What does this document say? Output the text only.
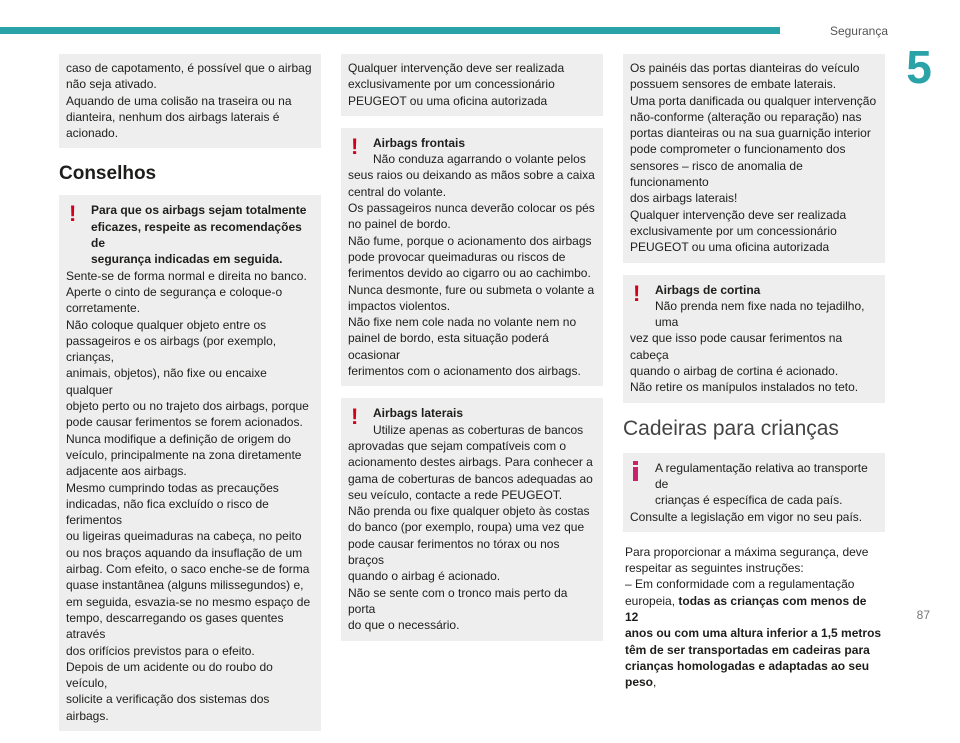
Segurança
5
87
caso de capotamento, é possível que o airbag
não seja ativado.
Aquando de uma colisão na traseira ou na
dianteira, nenhum dos airbags laterais é
acionado.
Conselhos
!	Para que os airbags sejam totalmente
eficazes, respeite as recomendações de
segurança indicadas em seguida.
Sente-se de forma normal e direita no banco.
Aperte o cinto de segurança e coloque-o
corretamente.
Não coloque qualquer objeto entre os
passageiros e os airbags (por exemplo, crianças,
animais, objetos), não fixe ou encaixe qualquer
objeto perto ou no trajeto dos airbags, porque
pode causar ferimentos se forem acionados.
Nunca modifique a definição de origem do
veículo, principalmente na zona diretamente
adjacente aos airbags.
Mesmo cumprindo todas as precauções
indicadas, não fica excluído o risco de ferimentos
ou ligeiras queimaduras na cabeça, no peito
ou nos braços aquando da insuflação de um
airbag. Com efeito, o saco enche-se de forma
quase instantânea (alguns milissegundos) e,
em seguida, esvazia-se no mesmo espaço de
tempo, descarregando os gases quentes através
dos orifícios previstos para o efeito.
Depois de um acidente ou do roubo do veículo,
solicite a verificação dos sistemas dos airbags.
Qualquer intervenção deve ser realizada
exclusivamente por um concessionário
PEUGEOT ou uma oficina autorizada
!	Airbags frontais
Não conduza agarrando o volante pelos
seus raios ou deixando as mãos sobre a caixa
central do volante.
Os passageiros nunca deverão colocar os pés
no painel de bordo.
Não fume, porque o acionamento dos airbags
pode provocar queimaduras ou riscos de
ferimentos devido ao cigarro ou ao cachimbo.
Nunca desmonte, fure ou submeta o volante a
impactos violentos.
Não fixe nem cole nada no volante nem no
painel de bordo, esta situação poderá ocasionar
ferimentos com o acionamento dos airbags.
!	Airbags laterais
Utilize apenas as coberturas de bancos
aprovadas que sejam compatíveis com o
acionamento destes airbags. Para conhecer a
gama de coberturas de bancos adequadas ao
seu veículo, contacte a rede PEUGEOT.
Não prenda ou fixe qualquer objeto às costas
do banco (por exemplo, roupa) uma vez que
pode causar ferimentos no tórax ou nos braços
quando o airbag é acionado.
Não se sente com o tronco mais perto da porta
do que o necessário.
Os painéis das portas dianteiras do veículo
possuem sensores de embate laterais.
Uma porta danificada ou qualquer intervenção
não-conforme (alteração ou reparação) nas
portas dianteiras ou na sua guarnição interior
pode comprometer o funcionamento dos
sensores – risco de anomalia de funcionamento
dos airbags laterais!
Qualquer intervenção deve ser realizada
exclusivamente por um concessionário
PEUGEOT ou uma oficina autorizada
!	Airbags de cortina
Não prenda nem fixe nada no tejadilho, uma
vez que isso pode causar ferimentos na cabeça
quando o airbag de cortina é acionado.
Não retire os manípulos instalados no teto.
Cadeiras para crianças
A regulamentação relativa ao transporte de
crianças é específica de cada país.
Consulte a legislação em vigor no seu país.
Para proporcionar a máxima segurança, deve
respeitar as seguintes instruções:
– Em conformidade com a regulamentação
europeia, todas as crianças com menos de 12
anos ou com uma altura inferior a 1,5 metros
têm de ser transportadas em cadeiras para
crianças homologadas e adaptadas ao seu peso,
